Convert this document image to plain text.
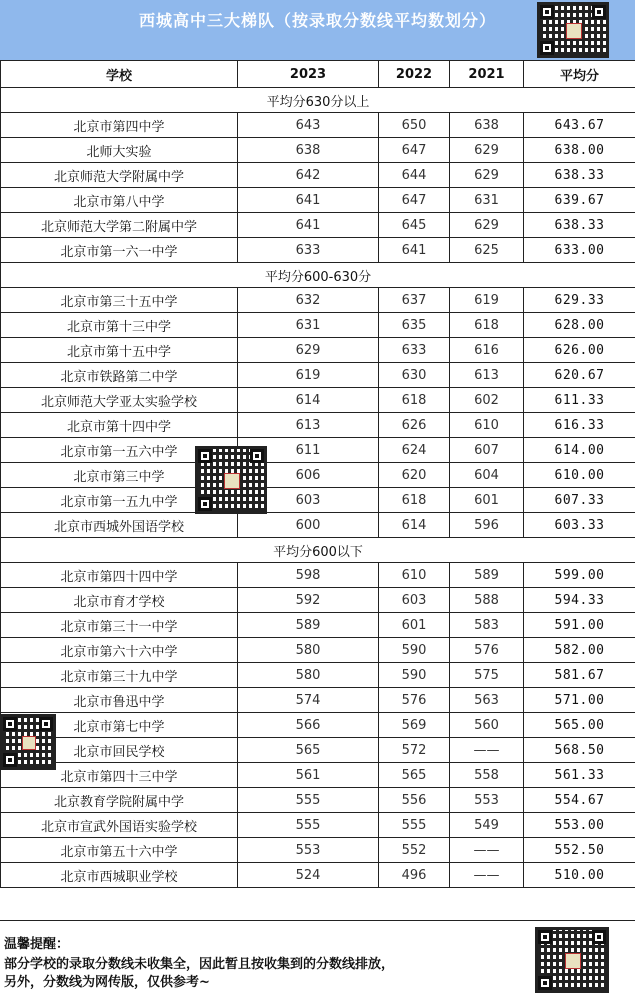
西城高中三大梯队（按录取分数线平均数划分）
学校	2023	2022	2021	平均分
平均分630分以上				
北京市第四中学	643	650	638	643.67
北师大实验	638	647	629	638.00
北京师范大学附属中学	642	644	629	638.33
北京市第八中学	641	647	631	639.67
北京师范大学第二附属中学	641	645	629	638.33
北京市第一六一中学	633	641	625	633.00
平均分600-630分				
北京市第三十五中学	632	637	619	629.33
北京市第十三中学	631	635	618	628.00
北京市第十五中学	629	633	616	626.00
北京市铁路第二中学	619	630	613	620.67
北京师范大学亚太实验学校	614	618	602	611.33
北京市第十四中学	613	626	610	616.33
北京市第一五六中学	611	624	607	614.00
北京市第三中学	606	620	604	610.00
北京市第一五九中学	603	618	601	607.33
北京市西城外国语学校	600	614	596	603.33
平均分600以下				
北京市第四十四中学	598	610	589	599.00
北京市育才学校	592	603	588	594.33
北京市第三十一中学	589	601	583	591.00
北京市第六十六中学	580	590	576	582.00
北京市第三十九中学	580	590	575	581.67
北京市鲁迅中学	574	576	563	571.00
北京市第七中学	566	569	560	565.00
北京市回民学校	565	572	——	568.50
北京市第四十三中学	561	565	558	561.33
北京教育学院附属中学	555	556	553	554.67
北京市宣武外国语实验学校	555	555	549	553.00
北京市第五十六中学	553	552	——	552.50
北京市西城职业学校	524	496	——	510.00
温馨提醒：
部分学校的录取分数线未收集全，因此暂且按收集到的分数线排放，
另外，分数线为网传版，仅供参考~
